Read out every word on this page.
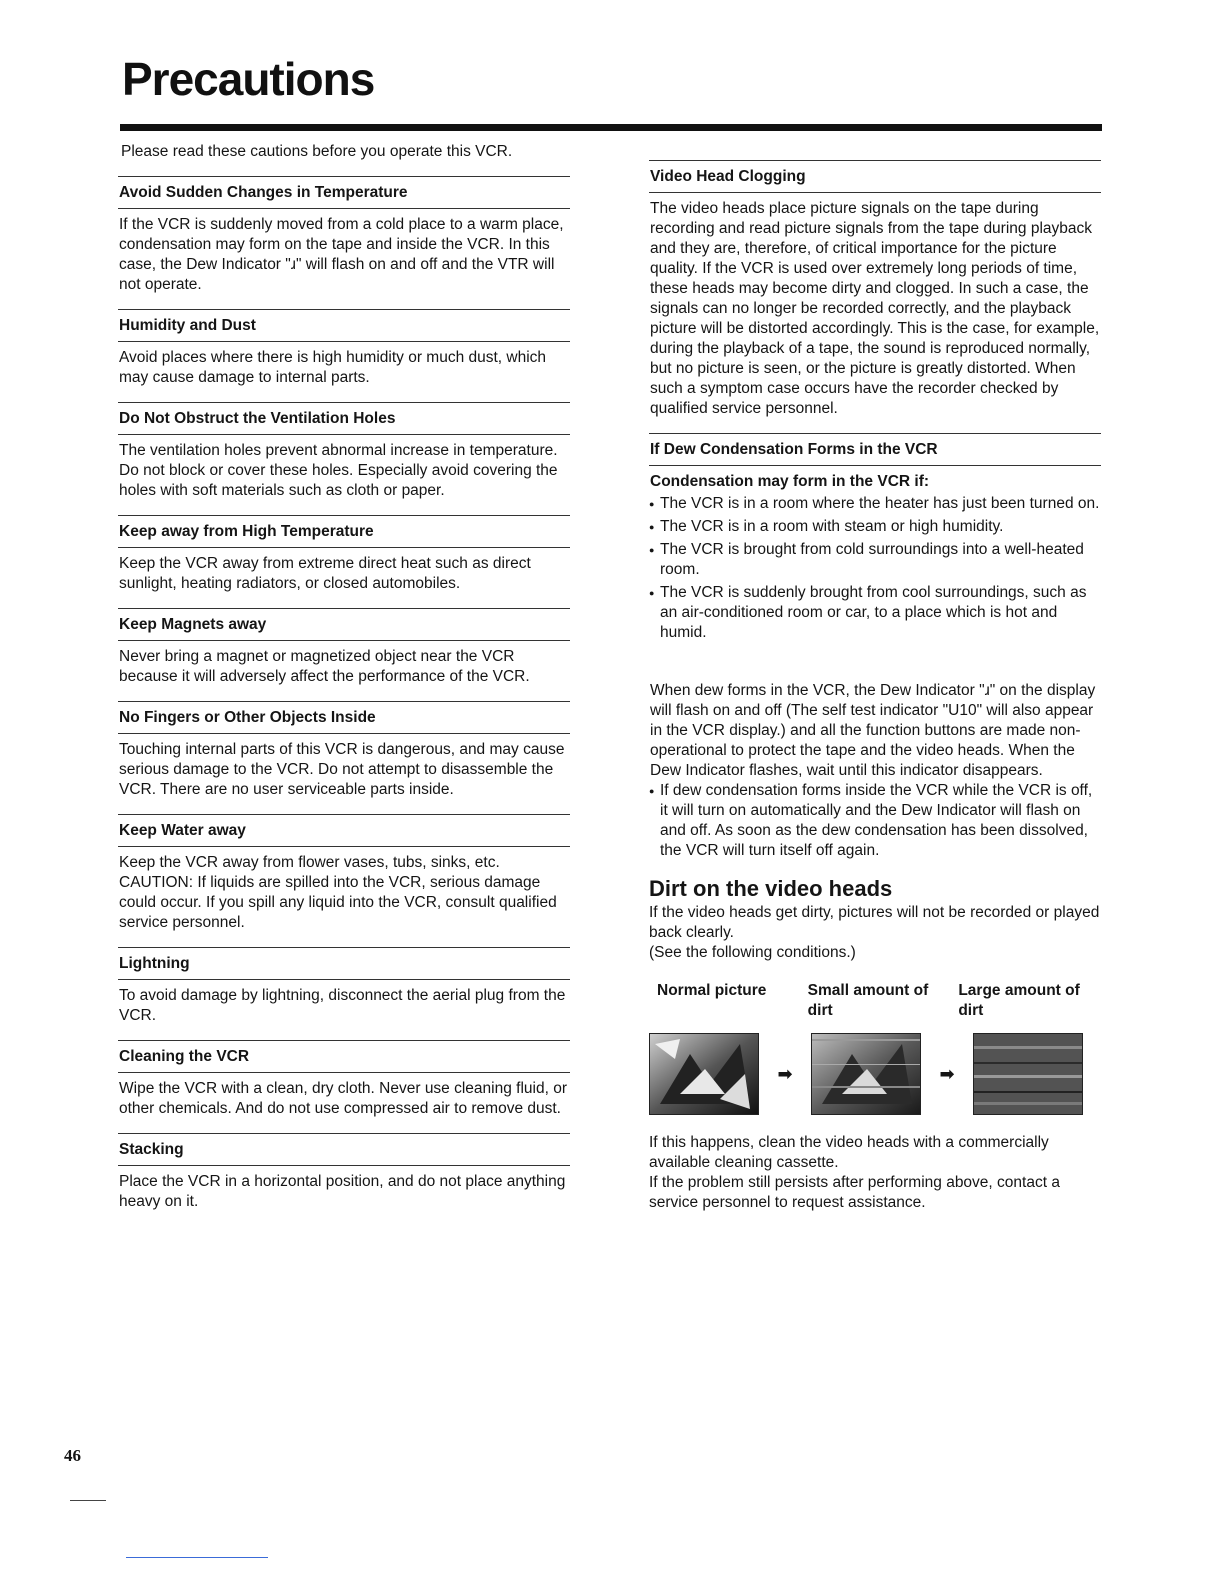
Precautions

Please read these cautions before you operate this VCR.

Avoid Sudden Changes in Temperature

If the VCR is suddenly moved from a cold place to a warm place, condensation may form on the tape and inside the VCR. In this case, the Dew Indicator "ɹ" will flash on and off and the VTR will not operate.

Humidity and Dust

Avoid places where there is high humidity or much dust, which may cause damage to internal parts.

Do Not Obstruct the Ventilation Holes

The ventilation holes prevent abnormal increase in temperature. Do not block or cover these holes. Especially avoid covering the holes with soft materials such as cloth or paper.

Keep away from High Temperature

Keep the VCR away from extreme direct heat such as direct sunlight, heating radiators, or closed automobiles.

Keep Magnets away

Never bring a magnet or magnetized object near the VCR because it will adversely affect the performance of the VCR.

No Fingers or Other Objects Inside

Touching internal parts of this VCR is dangerous, and may cause serious damage to the VCR. Do not attempt to disassemble the VCR. There are no user serviceable parts inside.

Keep Water away

Keep the VCR away from flower vases, tubs, sinks, etc. CAUTION: If liquids are spilled into the VCR, serious damage could occur. If you spill any liquid into the VCR, consult qualified service personnel.

Lightning

To avoid damage by lightning, disconnect the aerial plug from the VCR.

Cleaning the VCR

Wipe the VCR with a clean, dry cloth. Never use cleaning fluid, or other chemicals. And do not use compressed air to remove dust.

Stacking

Place the VCR in a horizontal position, and do not place anything heavy on it.

Video Head Clogging

The video heads place picture signals on the tape during recording and read picture signals from the tape during playback and they are, therefore, of critical importance for the picture quality. If the VCR is used over extremely long periods of time, these heads may become dirty and clogged. In such a case, the signals can no longer be recorded correctly, and the playback picture will be distorted accordingly. This is the case, for example, during the playback of a tape, the sound is reproduced normally, but no picture is seen, or the picture is greatly distorted. When such a symptom case occurs have the recorder checked by qualified service personnel.

If Dew Condensation Forms in the VCR
Condensation may form in the VCR if:
● The VCR is in a room where the heater has just been turned on.
● The VCR is in a room with steam or high humidity.
● The VCR is brought from cold surroundings into a well-heated room.
● The VCR is suddenly brought from cool surroundings, such as an air-conditioned room or car, to a place which is hot and humid.

When dew forms in the VCR, the Dew Indicator "ɹ" on the display will flash on and off (The self test indicator "U10" will also appear in the VCR display.) and all the function buttons are made non-operational to protect the tape and the video heads. When the Dew Indicator flashes, wait until this indicator disappears.

● If dew condensation forms inside the VCR while the VCR is off, it will turn on automatically and the Dew Indicator will flash on and off. As soon as the dew condensation has been dissolved, the VCR will turn itself off again.
Dirt on the video heads
If the video heads get dirty, pictures will not be recorded or played back clearly.
(See the following conditions.)
Normal picture	Small amount of dirt
Large amount of dirt
➡	➡
If this happens, clean the video heads with a commercially available cleaning cassette.
If the problem still persists after performing above, contact a service personnel to request assistance.
46
